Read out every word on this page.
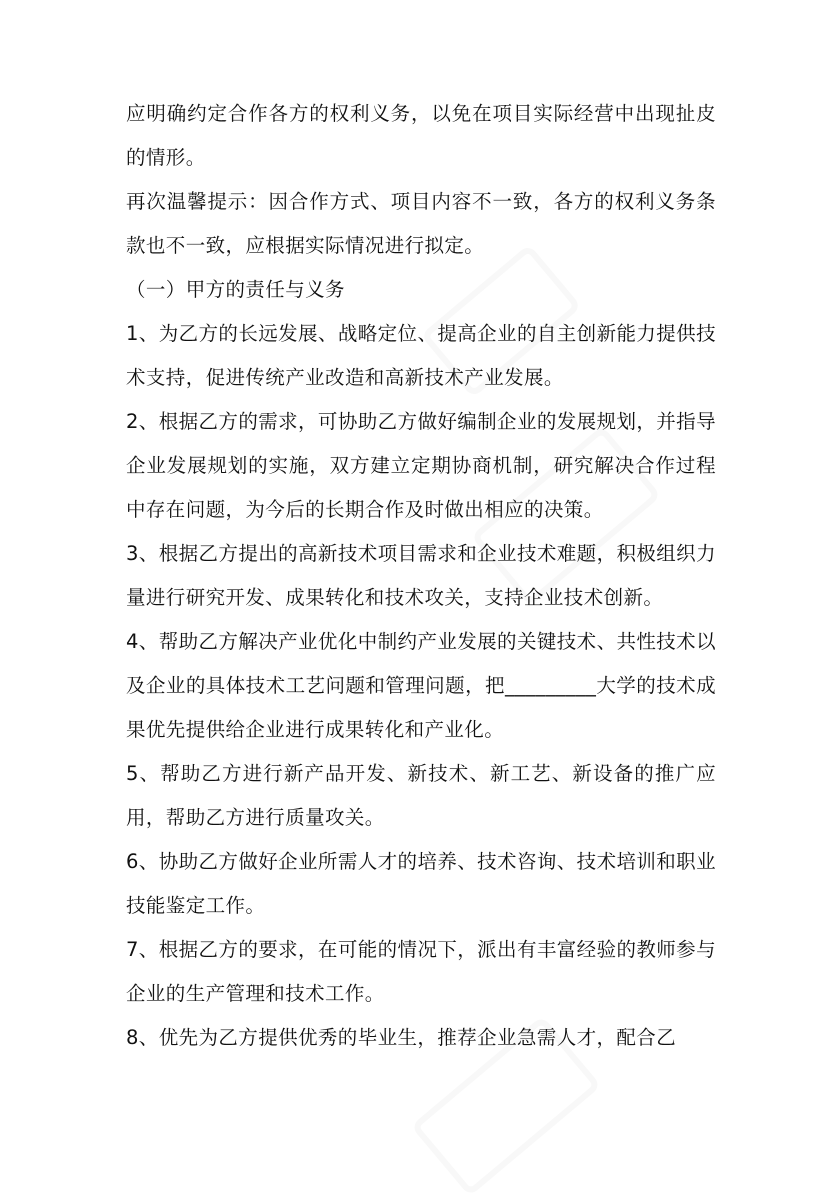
应明确约定合作各方的权利义务，以免在项目实际经营中出现扯皮的情形。

再次温馨提示：因合作方式、项目内容不一致，各方的权利义务条款也不一致，应根据实际情况进行拟定。

（一）甲方的责任与义务

1、为乙方的长远发展、战略定位、提高企业的自主创新能力提供技术支持，促进传统产业改造和高新技术产业发展。

2、根据乙方的需求，可协助乙方做好编制企业的发展规划，并指导企业发展规划的实施，双方建立定期协商机制，研究解决合作过程中存在问题，为今后的长期合作及时做出相应的决策。

3、根据乙方提出的高新技术项目需求和企业技术难题，积极组织力量进行研究开发、成果转化和技术攻关，支持企业技术创新。

4、帮助乙方解决产业优化中制约产业发展的关键技术、共性技术以及企业的具体技术工艺问题和管理问题，把_________大学的技术成果优先提供给企业进行成果转化和产业化。

5、帮助乙方进行新产品开发、新技术、新工艺、新设备的推广应用，帮助乙方进行质量攻关。

6、协助乙方做好企业所需人才的培养、技术咨询、技术培训和职业技能鉴定工作。

7、根据乙方的要求，在可能的情况下，派出有丰富经验的教师参与企业的生产管理和技术工作。

8、优先为乙方提供优秀的毕业生，推荐企业急需人才，配合乙
